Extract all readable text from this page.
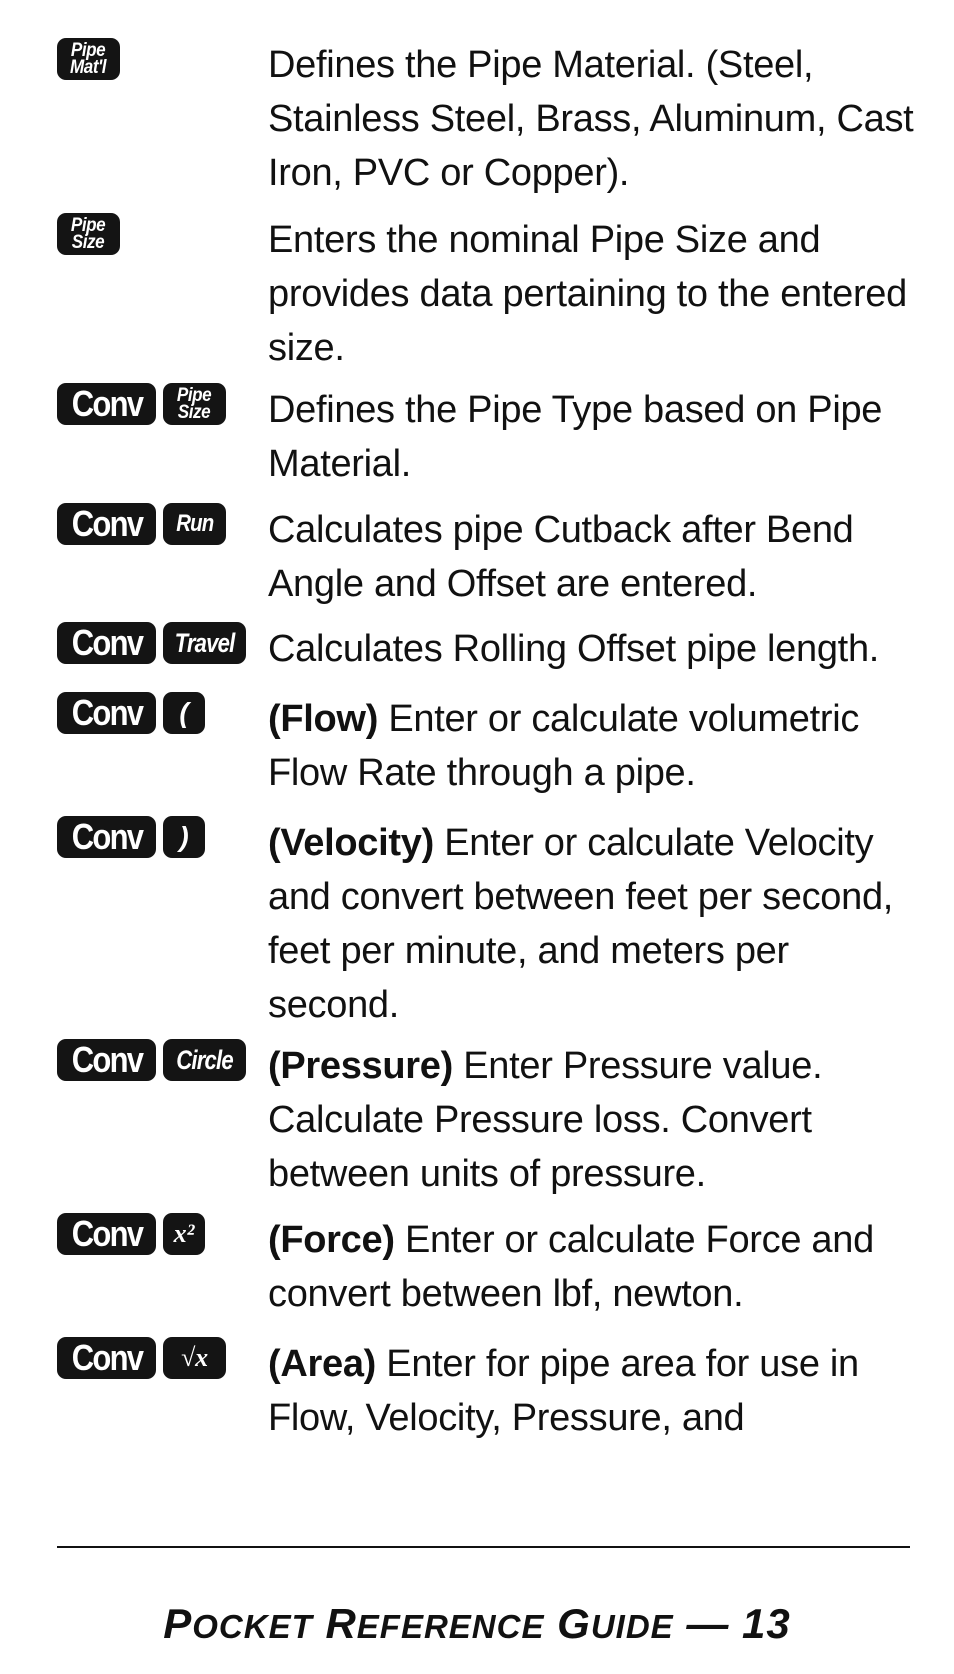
Pipe
Mat'l	Defines the Pipe Material. (Steel, Stainless Steel, Brass, Aluminum, Cast Iron, PVC or Copper).

Pipe
Size	Enters the nominal Pipe Size and provides data pertaining to the entered size.

Conv Pipe
Size Defines the Pipe Type based on Pipe Material.

Conv Run Calculates pipe Cutback after Bend Angle and Offset are entered.

Conv Travel Calculates Rolling Offset pipe length.

Conv ( (Flow) Enter or calculate volumetric Flow Rate through a pipe.

Conv ) (Velocity) Enter or calculate Velocity and convert between feet per second, feet per minute, and meters per second.

Conv Circle (Pressure) Enter Pressure value. Calculate Pressure loss. Convert between units of pressure.

Conv x² (Force) Enter or calculate Force and convert between lbf, newton.

Conv √x (Area) Enter for pipe area for use in Flow, Velocity, Pressure, and

POCKET REFERENCE GUIDE — 13
